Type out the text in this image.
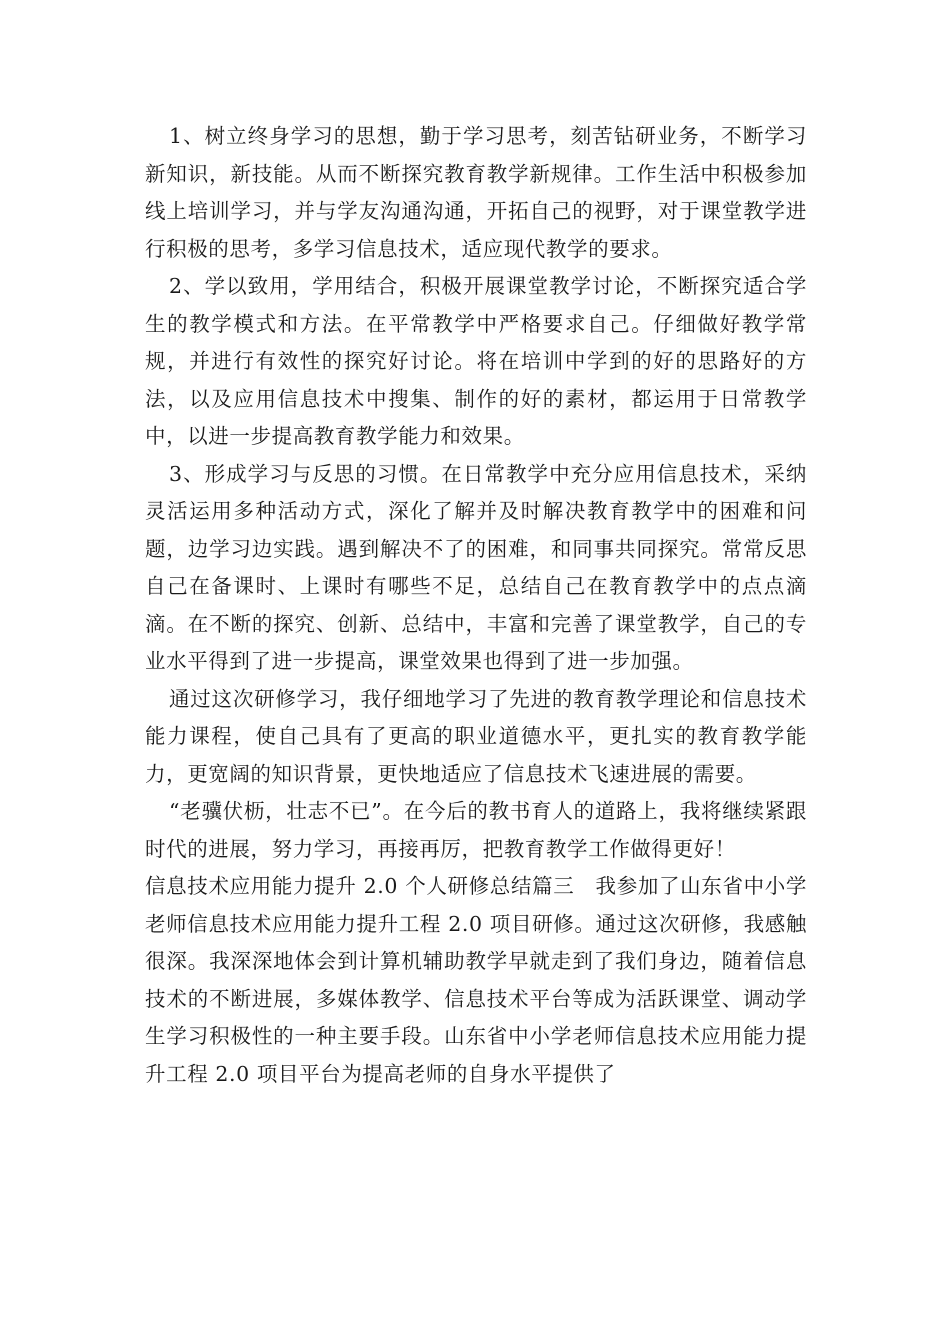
1、树立终身学习的思想，勤于学习思考，刻苦钻研业务，不断学习新知识，新技能。从而不断探究教育教学新规律。工作生活中积极参加线上培训学习，并与学友沟通沟通，开拓自己的视野，对于课堂教学进行积极的思考，多学习信息技术，适应现代教学的要求。

2、学以致用，学用结合，积极开展课堂教学讨论，不断探究适合学生的教学模式和方法。在平常教学中严格要求自己。仔细做好教学常规，并进行有效性的探究好讨论。将在培训中学到的好的思路好的方法，以及应用信息技术中搜集、制作的好的素材，都运用于日常教学中，以进一步提高教育教学能力和效果。

3、形成学习与反思的习惯。在日常教学中充分应用信息技术，采纳灵活运用多种活动方式，深化了解并及时解决教育教学中的困难和问题，边学习边实践。遇到解决不了的困难，和同事共同探究。常常反思自己在备课时、上课时有哪些不足，总结自己在教育教学中的点点滴滴。在不断的探究、创新、总结中，丰富和完善了课堂教学，自己的专业水平得到了进一步提高，课堂效果也得到了进一步加强。

通过这次研修学习，我仔细地学习了先进的教育教学理论和信息技术能力课程，使自己具有了更高的职业道德水平，更扎实的教育教学能力，更宽阔的知识背景，更快地适应了信息技术飞速进展的需要。

“老骥伏枥，壮志不已”。在今后的教书育人的道路上，我将继续紧跟时代的进展，努力学习，再接再厉，把教育教学工作做得更好！

信息技术应用能力提升 2.0 个人研修总结篇三　我参加了山东省中小学老师信息技术应用能力提升工程 2.0 项目研修。通过这次研修，我感触很深。我深深地体会到计算机辅助教学早就走到了我们身边，随着信息技术的不断进展，多媒体教学、信息技术平台等成为活跃课堂、调动学生学习积极性的一种主要手段。山东省中小学老师信息技术应用能力提升工程 2.0 项目平台为提高老师的自身水平提供了
